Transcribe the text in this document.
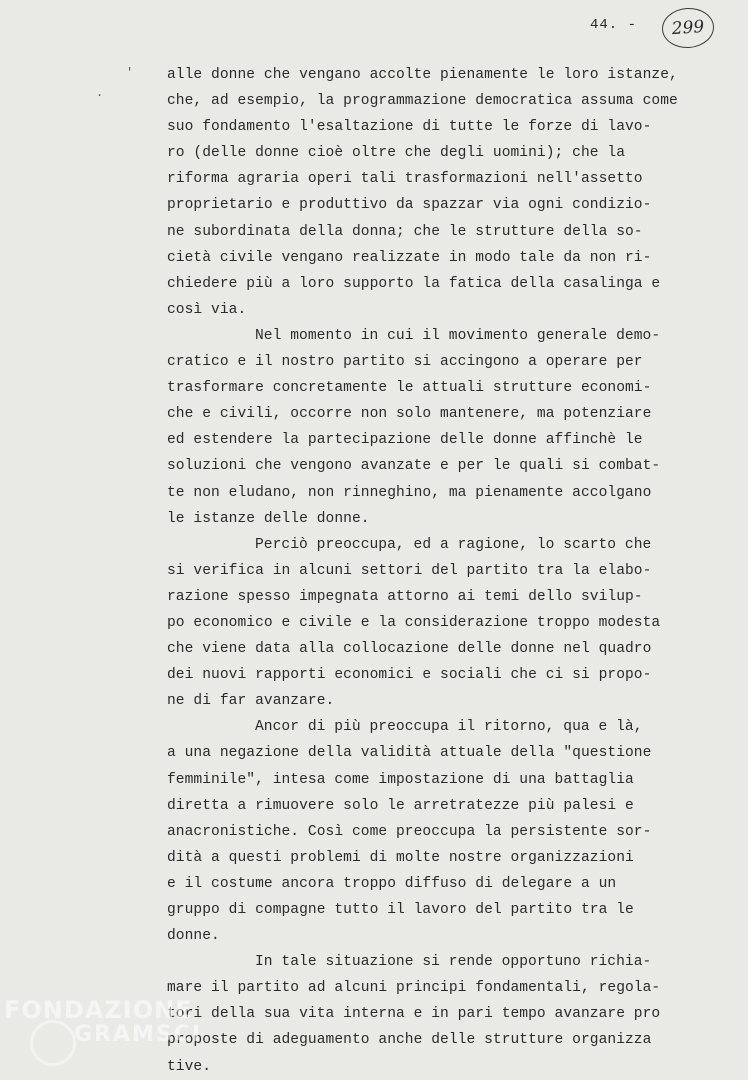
44. -	299
'
.
alle donne che vengano accolte pienamente le loro istanze,
che, ad esempio, la programmazione democratica assuma come
suo fondamento l'esaltazione di tutte le forze di lavo-
ro (delle donne cioè oltre che degli uomini); che la
riforma agraria operi tali trasformazioni nell'assetto
proprietario e produttivo da spazzar via ogni condizio-
ne subordinata della donna; che le strutture della so-
cietà civile vengano realizzate in modo tale da non ri-
chiedere più a loro supporto la fatica della casalinga e
così via.
Nel momento in cui il movimento generale demo-
cratico e il nostro partito si accingono a operare per
trasformare concretamente le attuali strutture economi-
che e civili, occorre non solo mantenere, ma potenziare
ed estendere la partecipazione delle donne affinchè le
soluzioni che vengono avanzate e per le quali si combat-
te non eludano, non rinneghino, ma pienamente accolgano
le istanze delle donne.
Perciò preoccupa, ed a ragione, lo scarto che
si verifica in alcuni settori del partito tra la elabo-
razione spesso impegnata attorno ai temi dello svilup-
po economico e civile e la considerazione troppo modesta
che viene data alla collocazione delle donne nel quadro
dei nuovi rapporti economici e sociali che ci si propo-
ne di far avanzare.
Ancor di più preoccupa il ritorno, qua e là,
a una negazione della validità attuale della "questione
femminile", intesa come impostazione di una battaglia
diretta a rimuovere solo le arretratezze più palesi e
anacronistiche. Così come preoccupa la persistente sor-
dità a questi problemi di molte nostre organizzazioni
e il costume ancora troppo diffuso di delegare a un
gruppo di compagne tutto il lavoro del partito tra le
donne.
In tale situazione si rende opportuno richia-
mare il partito ad alcuni principi fondamentali, regola-
tori della sua vita interna e in pari tempo avanzare pro
proposte di adeguamento anche delle strutture organizza
tive.
FONDAZIONE
GRAMSCI
